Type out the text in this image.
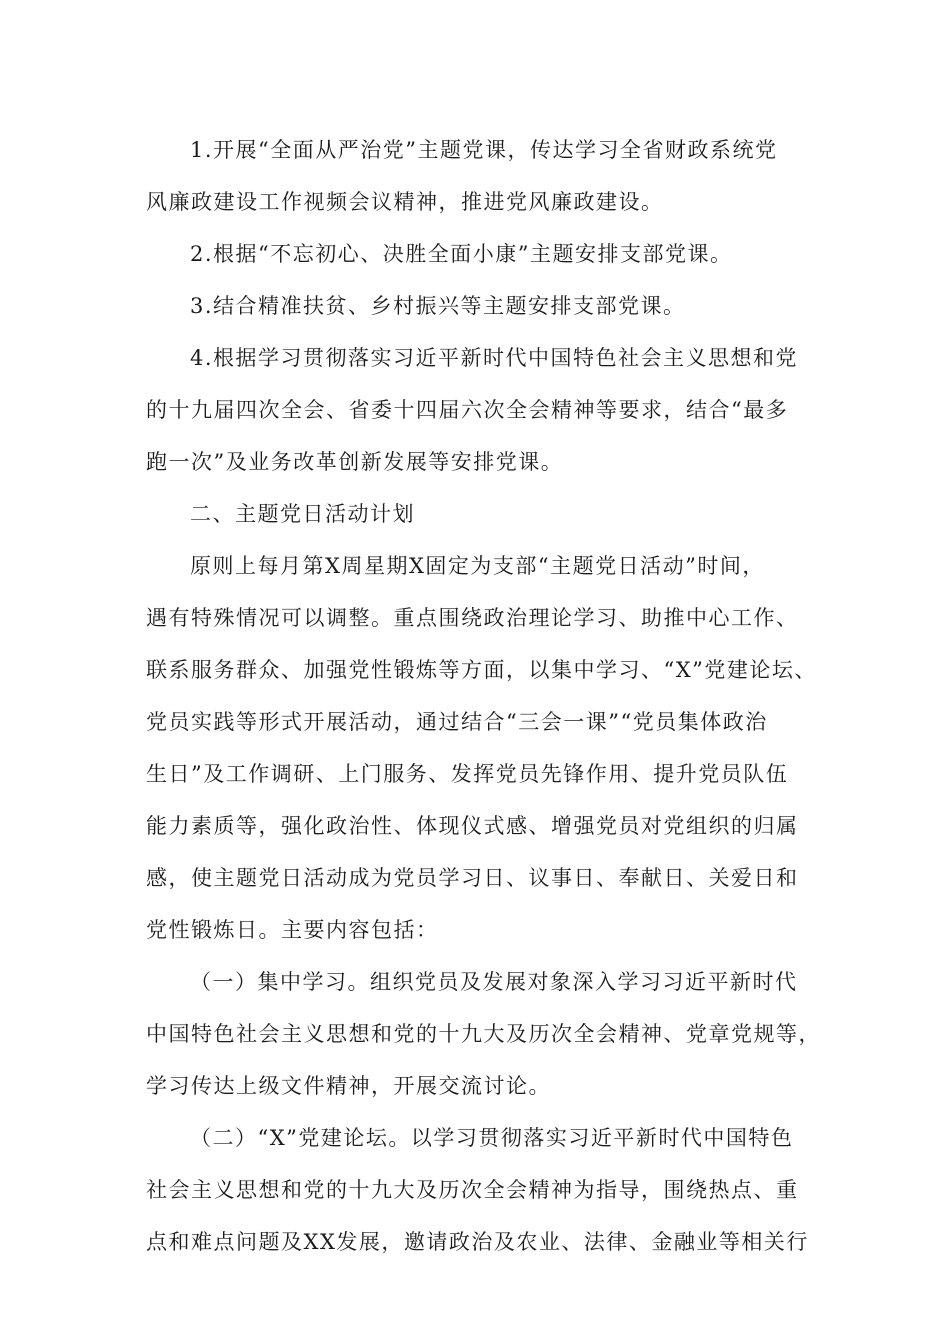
1.开展“全面从严治党”主题党课，传达学习全省财政系统党
风廉政建设工作视频会议精神，推进党风廉政建设。
2.根据“不忘初心、决胜全面小康”主题安排支部党课。
3.结合精准扶贫、乡村振兴等主题安排支部党课。
4.根据学习贯彻落实习近平新时代中国特色社会主义思想和党
的十九届四次全会、省委十四届六次全会精神等要求，结合“最多
跑一次”及业务改革创新发展等安排党课。
二、主题党日活动计划
原则上每月第X周星期X固定为支部“主题党日活动”时间，
遇有特殊情况可以调整。重点围绕政治理论学习、助推中心工作、
联系服务群众、加强党性锻炼等方面，以集中学习、“X”党建论坛、
党员实践等形式开展活动，通过结合“三会一课”“党员集体政治
生日”及工作调研、上门服务、发挥党员先锋作用、提升党员队伍
能力素质等，强化政治性、体现仪式感、增强党员对党组织的归属
感，使主题党日活动成为党员学习日、议事日、奉献日、关爱日和
党性锻炼日。主要内容包括：
（一）集中学习。组织党员及发展对象深入学习习近平新时代
中国特色社会主义思想和党的十九大及历次全会精神、党章党规等，
学习传达上级文件精神，开展交流讨论。
（二）“X”党建论坛。以学习贯彻落实习近平新时代中国特色
社会主义思想和党的十九大及历次全会精神为指导，围绕热点、重
点和难点问题及XX发展，邀请政治及农业、法律、金融业等相关行
